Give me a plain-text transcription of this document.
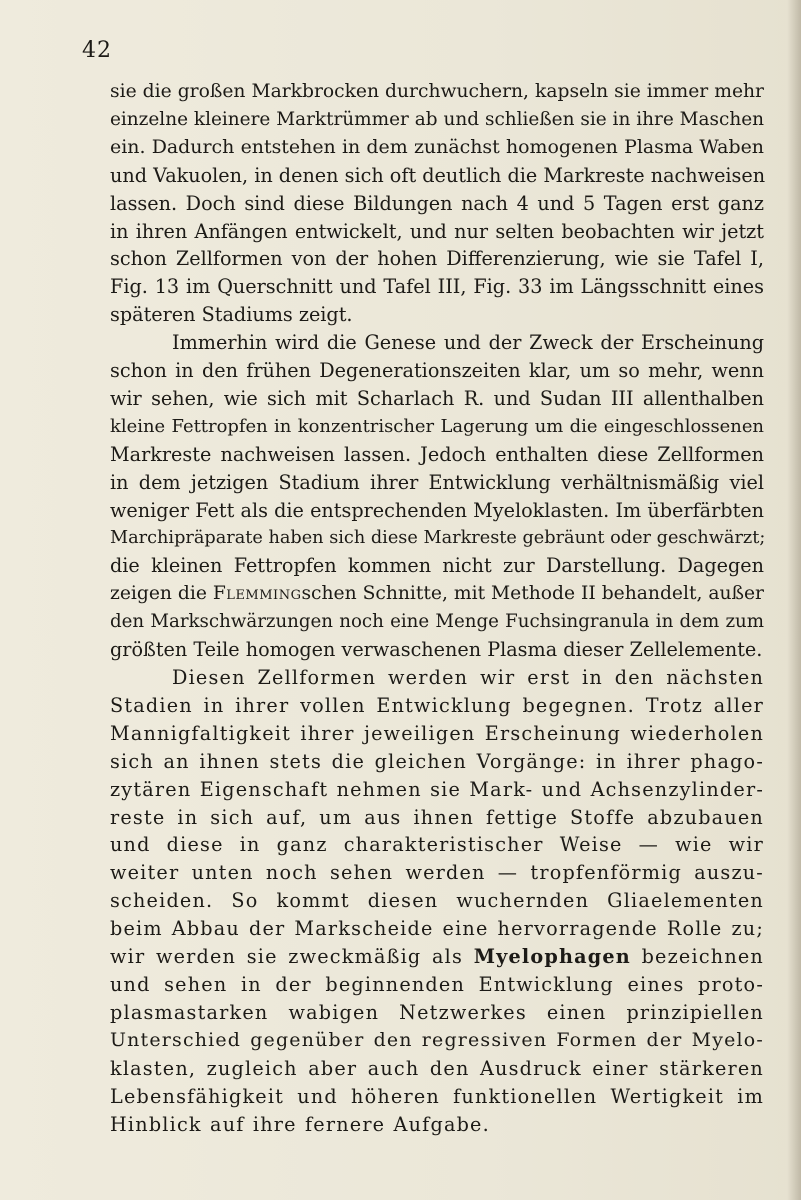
42
sie die großen Markbrocken durchwuchern, kapseln sie immer mehr
einzelne kleinere Marktrümmer ab und schließen sie in ihre Maschen
ein. Dadurch entstehen in dem zunächst homogenen Plasma Waben
und Vakuolen, in denen sich oft deutlich die Markreste nachweisen
lassen. Doch sind diese Bildungen nach 4 und 5 Tagen erst ganz
in ihren Anfängen entwickelt, und nur selten beobachten wir jetzt
schon Zellformen von der hohen Differenzierung, wie sie Tafel I,
Fig. 13 im Querschnitt und Tafel III, Fig. 33 im Längsschnitt eines
späteren Stadiums zeigt.
Immerhin wird die Genese und der Zweck der Erscheinung
schon in den frühen Degenerationszeiten klar, um so mehr, wenn
wir sehen, wie sich mit Scharlach R. und Sudan III allenthalben
kleine Fettropfen in konzentrischer Lagerung um die eingeschlossenen
Markreste nachweisen lassen. Jedoch enthalten diese Zellformen
in dem jetzigen Stadium ihrer Entwicklung verhältnismäßig viel
weniger Fett als die entsprechenden Myeloklasten. Im überfärbten
Marchipräparate haben sich diese Markreste gebräunt oder geschwärzt;
die kleinen Fettropfen kommen nicht zur Darstellung. Dagegen
zeigen die Flemmingschen Schnitte, mit Methode II behandelt, außer
den Markschwärzungen noch eine Menge Fuchsingranula in dem zum
größten Teile homogen verwaschenen Plasma dieser Zellelemente.
Diesen Zellformen werden wir erst in den nächsten
Stadien in ihrer vollen Entwicklung begegnen. Trotz aller
Mannigfaltigkeit ihrer jeweiligen Erscheinung wiederholen
sich an ihnen stets die gleichen Vorgänge: in ihrer phago-
zytären Eigenschaft nehmen sie Mark- und Achsenzylinder-
reste in sich auf, um aus ihnen fettige Stoffe abzubauen
und diese in ganz charakteristischer Weise — wie wir
weiter unten noch sehen werden — tropfenförmig auszu-
scheiden. So kommt diesen wuchernden Gliaelementen
beim Abbau der Markscheide eine hervorragende Rolle zu;
wir werden sie zweckmäßig als Myelophagen bezeichnen
und sehen in der beginnenden Entwicklung eines proto-
plasmastarken wabigen Netzwerkes einen prinzipiellen
Unterschied gegenüber den regressiven Formen der Myelo-
klasten, zugleich aber auch den Ausdruck einer stärkeren
Lebensfähigkeit und höheren funktionellen Wertigkeit im
Hinblick auf ihre fernere Aufgabe.
